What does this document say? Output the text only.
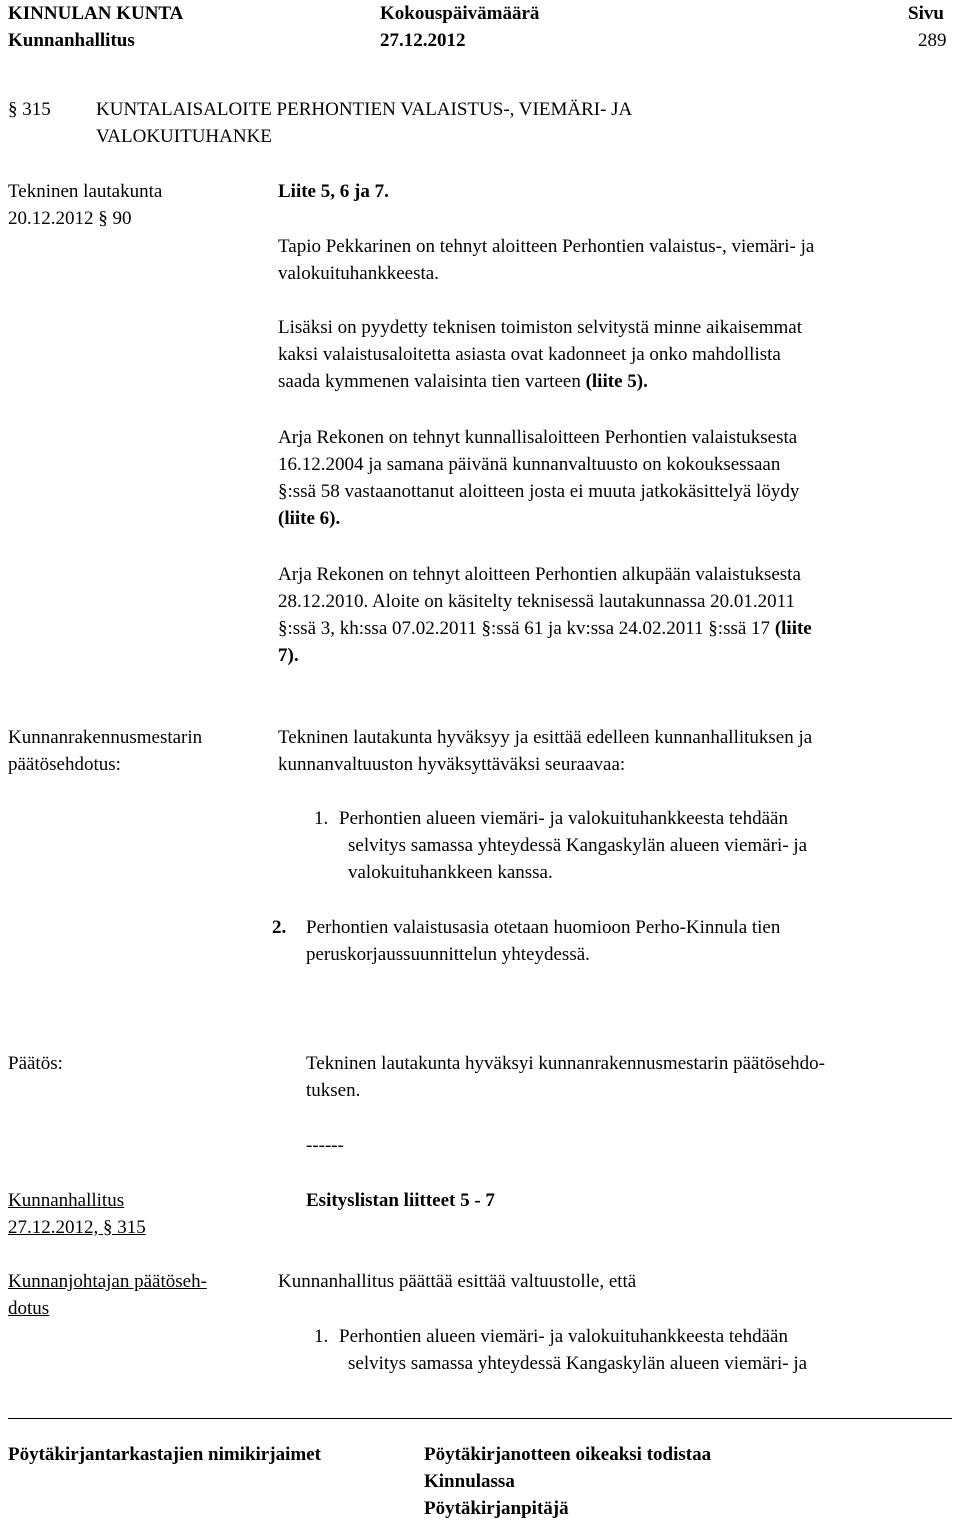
KINNULAN KUNTA
Kunnanhallitus
Kokouspäivämäärä
27.12.2012
Sivu
289
§ 315 KUNTALAISALOITE PERHONTIEN VALAISTUS-, VIEMÄRI- JA
VALOKUITUHANKE
Tekninen lautakunta
20.12.2012 § 90
Liite 5, 6 ja 7.
Tapio Pekkarinen on tehnyt aloitteen Perhontien valaistus-, viemäri- ja
valokuituhankkeesta.
Lisäksi on pyydetty teknisen toimiston selvitystä minne aikaisemmat
kaksi valaistusaloitetta asiasta ovat kadonneet ja onko mahdollista
saada kymmenen valaisinta tien varteen (liite 5).
Arja Rekonen on tehnyt kunnallisaloitteen Perhontien valaistuksesta
16.12.2004 ja samana päivänä kunnanvaltuusto on kokouksessaan
§:ssä 58 vastaanottanut aloitteen josta ei muuta jatkokäsittelyä löydy
(liite 6).
Arja Rekonen on tehnyt aloitteen Perhontien alkupään valaistuksesta
28.12.2010. Aloite on käsitelty teknisessä lautakunnassa 20.01.2011
§:ssä 3, kh:ssa 07.02.2011 §:ssä 61 ja kv:ssa 24.02.2011 §:ssä 17 (liite
7).
Kunnanrakennusmestarin
päätösehdotus:
Tekninen lautakunta hyväksyy ja esittää edelleen kunnanhallituksen ja
kunnanvaltuuston hyväksyttäväksi seuraavaa:
1. Perhontien alueen viemäri- ja valokuituhankkeesta tehdään
selvitys samassa yhteydessä Kangaskylän alueen viemäri- ja
valokuituhankkeen kanssa.
2. Perhontien valaistusasia otetaan huomioon Perho-Kinnula tien
peruskorjaussuunnittelun yhteydessä.
Päätös:	Tekninen lautakunta hyväksyi kunnanrakennusmestarin päätösehdo-
tuksen.
------
Kunnanhallitus
27.12.2012, § 315
Esityslistan liitteet 5 - 7
Kunnanjohtajan päätöseh-
dotus
Kunnanhallitus päättää esittää valtuustolle, että
1. Perhontien alueen viemäri- ja valokuituhankkeesta tehdään
selvitys samassa yhteydessä Kangaskylän alueen viemäri- ja
Pöytäkirjantarkastajien nimikirjaimet	Pöytäkirjanotteen oikeaksi todistaa
Kinnulassa
Pöytäkirjanpitäjä
